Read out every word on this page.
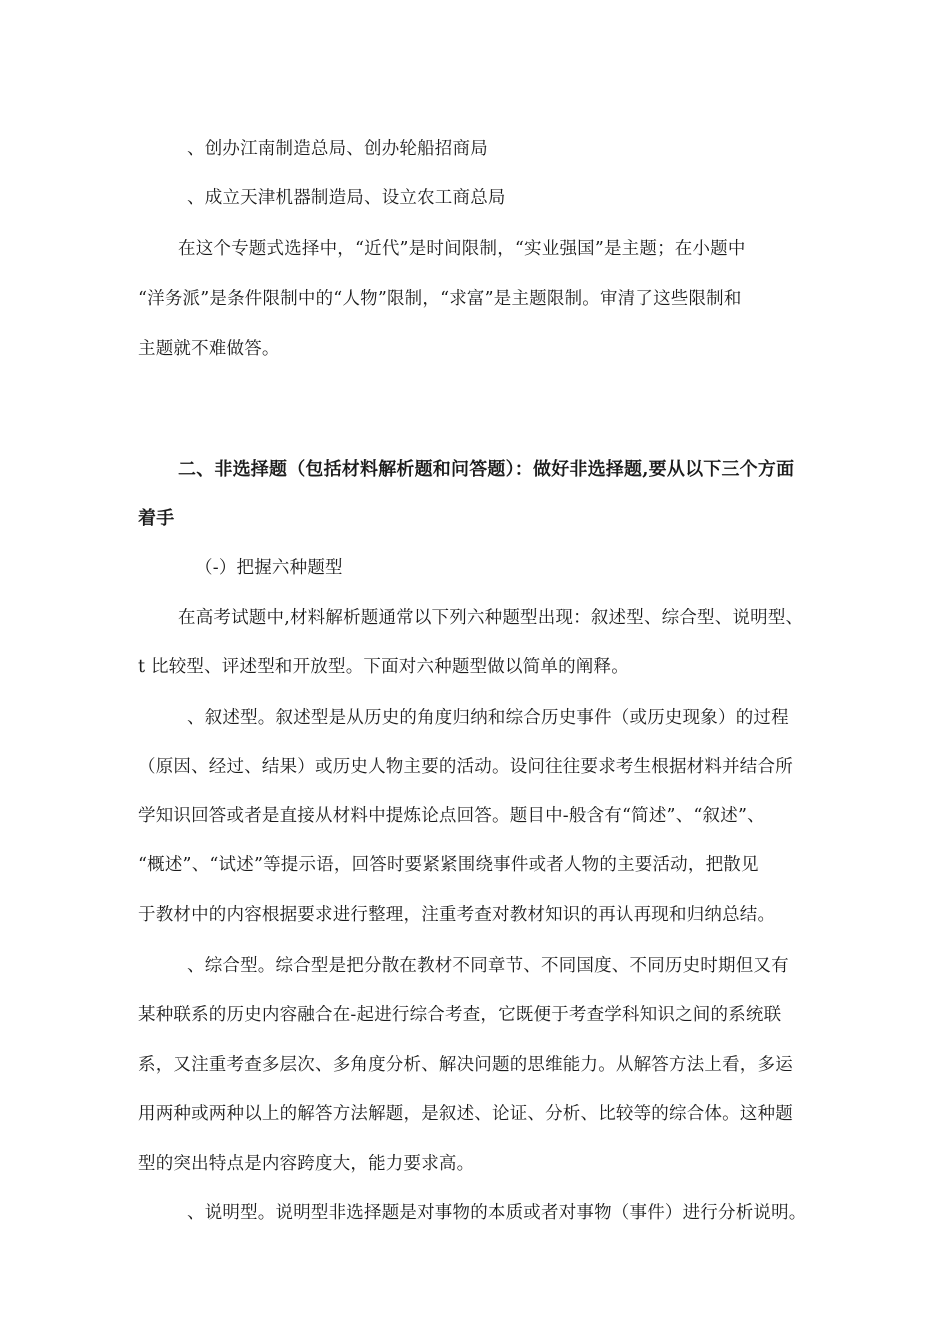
、创办江南制造总局、创办轮船招商局
、成立天津机器制造局、设立农工商总局
在这个专题式选择中，“近代”是时间限制，“实业强国”是主题；在小题中
“洋务派”是条件限制中的“人物”限制，“求富”是主题限制。审清了这些限制和
主题就不难做答。
二、非选择题（包括材料解析题和问答题）：做好非选择题,要从以下三个方面
着手
（-）把握六种题型
在高考试题中,材料解析题通常以下列六种题型出现：叙述型、综合型、说明型、
t 比较型、评述型和开放型。下面对六种题型做以简单的阐释。
、叙述型。叙述型是从历史的角度归纳和综合历史事件（或历史现象）的过程
（原因、经过、结果）或历史人物主要的活动。设问往往要求考生根据材料并结合所
学知识回答或者是直接从材料中提炼论点回答。题目中-般含有“简述”、“叙述”、
“概述”、“试述”等提示语，回答时要紧紧围绕事件或者人物的主要活动，把散见
于教材中的内容根据要求进行整理，注重考查对教材知识的再认再现和归纳总结。
、综合型。综合型是把分散在教材不同章节、不同国度、不同历史时期但又有
某种联系的历史内容融合在-起进行综合考查，它既便于考查学科知识之间的系统联
系，又注重考查多层次、多角度分析、解决问题的思维能力。从解答方法上看，多运
用两种或两种以上的解答方法解题，是叙述、论证、分析、比较等的综合体。这种题
型的突出特点是内容跨度大，能力要求高。
、说明型。说明型非选择题是对事物的本质或者对事物（事件）进行分析说明。
